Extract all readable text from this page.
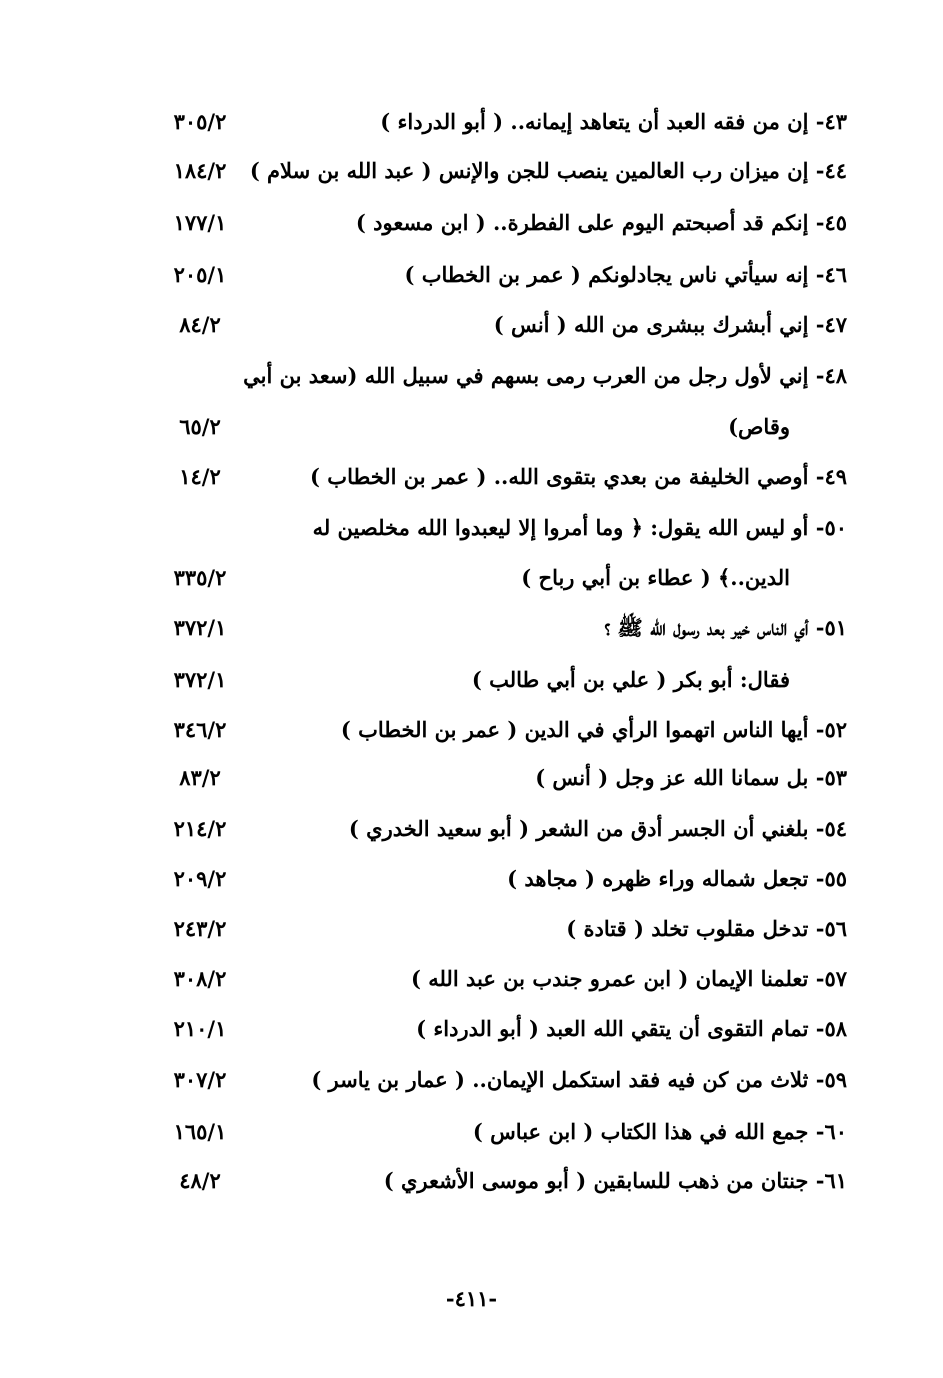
٤٣- إن من فقه العبد أن يتعاهد إيمانه.. ( أبو الدرداء )
٣٠٥/٢
٤٤- إن ميزان رب العالمين ينصب للجن والإنس ( عبد الله بن سلام )
١٨٤/٢
٤٥- إنكم قد أصبحتم اليوم على الفطرة.. ( ابن مسعود )
١٧٧/١
٤٦- إنه سيأتي ناس يجادلونكم ( عمر بن الخطاب )
٢٠٥/١
٤٧- إني أبشرك ببشرى من الله ( أنس )
٨٤/٢
٤٨- إني لأول رجل من العرب رمى بسهم في سبيل الله (سعد بن أبي
وقاص)
٦٥/٢
٤٩- أوصي الخليفة من بعدي بتقوى الله.. ( عمر بن الخطاب )
١٤/٢
٥٠- أو ليس الله يقول: ﴿ وما أمروا إلا ليعبدوا الله مخلصين له
الدين..﴾ ( عطاء بن أبي رباح )
٣٣٥/٢
٥١- أي الناس خير بعد رسول الله ﷺ ؟
٣٧٢/١
فقال: أبو بكر ( علي بن أبي طالب )
٣٧٢/١
٥٢- أيها الناس اتهموا الرأي في الدين ( عمر بن الخطاب )
٣٤٦/٢
٥٣- بل سمانا الله عز وجل ( أنس )
٨٣/٢
٥٤- بلغني أن الجسر أدق من الشعر ( أبو سعيد الخدري )
٢١٤/٢
٥٥- تجعل شماله وراء ظهره ( مجاهد )
٢٠٩/٢
٥٦- تدخل مقلوب تخلد ( قتادة )
٢٤٣/٢
٥٧- تعلمنا الإيمان ( ابن عمرو جندب بن عبد الله )
٣٠٨/٢
٥٨- تمام التقوى أن يتقي الله العبد ( أبو الدرداء )
٢١٠/١
٥٩- ثلاث من كن فيه فقد استكمل الإيمان.. ( عمار بن ياسر )
٣٠٧/٢
٦٠- جمع الله في هذا الكتاب ( ابن عباس )
١٦٥/١
٦١- جنتان من ذهب للسابقين ( أبو موسى الأشعري )
٤٨/٢
-٤١١-
